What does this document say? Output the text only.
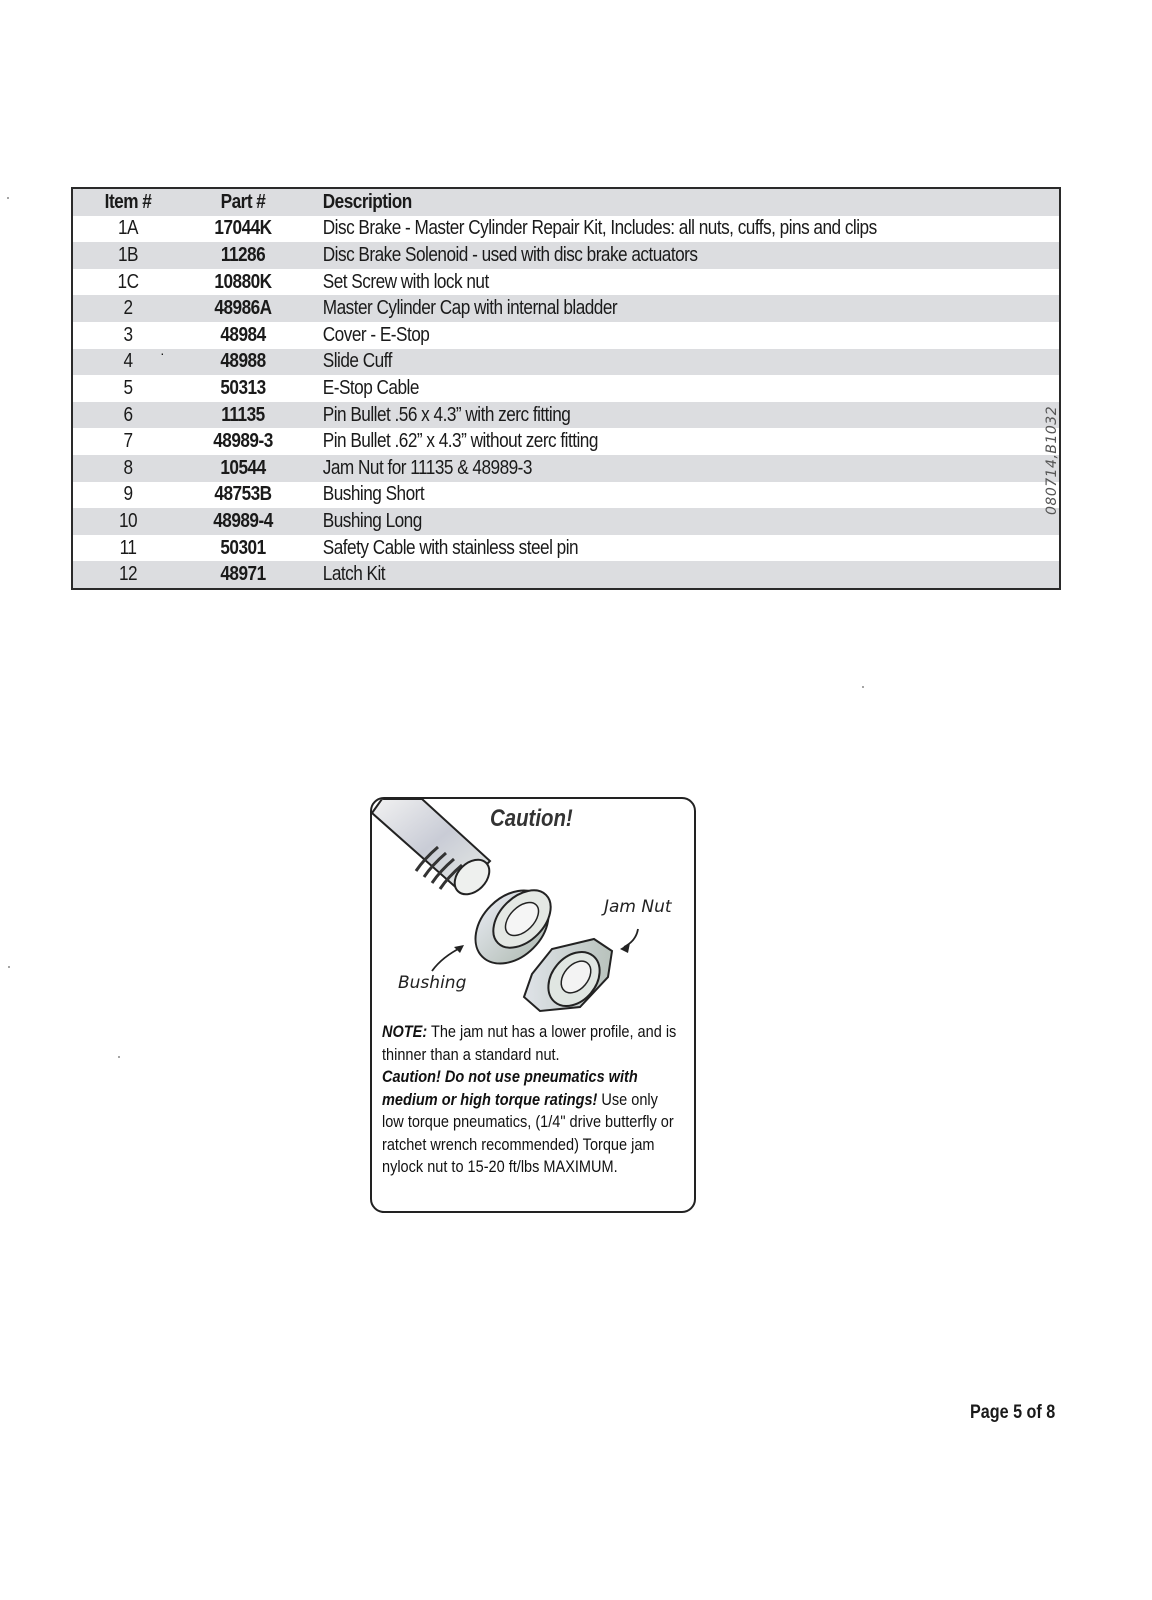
Item #	Part #	Description
1A	17044K	Disc Brake - Master Cylinder Repair Kit, Includes: all nuts, cuffs, pins and clips
1B	11286	Disc Brake Solenoid - used with disc brake actuators
1C	10880K	Set Screw with lock nut
2	48986A	Master Cylinder Cap with internal bladder
3	48984	Cover - E-Stop
4	48988	Slide Cuff
5	50313	E-Stop Cable
6	11135	Pin Bullet .56 x 4.3” with zerc fitting
7	48989-3	Pin Bullet .62” x 4.3” without zerc fitting
8	10544	Jam Nut for 11135 & 48989-3
9	48753B	Bushing Short
10	48989-4	Bushing Long
11	50301	Safety Cable with stainless steel pin
12	48971	Latch Kit
·
080714,B1032
Caution!
Jam Nut
Bushing
NOTE: The jam nut has a lower profile, and is thinner than a standard nut.
Caution! Do not use pneumatics with medium or high torque ratings! Use only low torque pneumatics, (1/4" drive butterfly or ratchet wrench recommended) Torque jam nylock nut to 15-20 ft/lbs MAXIMUM.
Page 5 of 8
